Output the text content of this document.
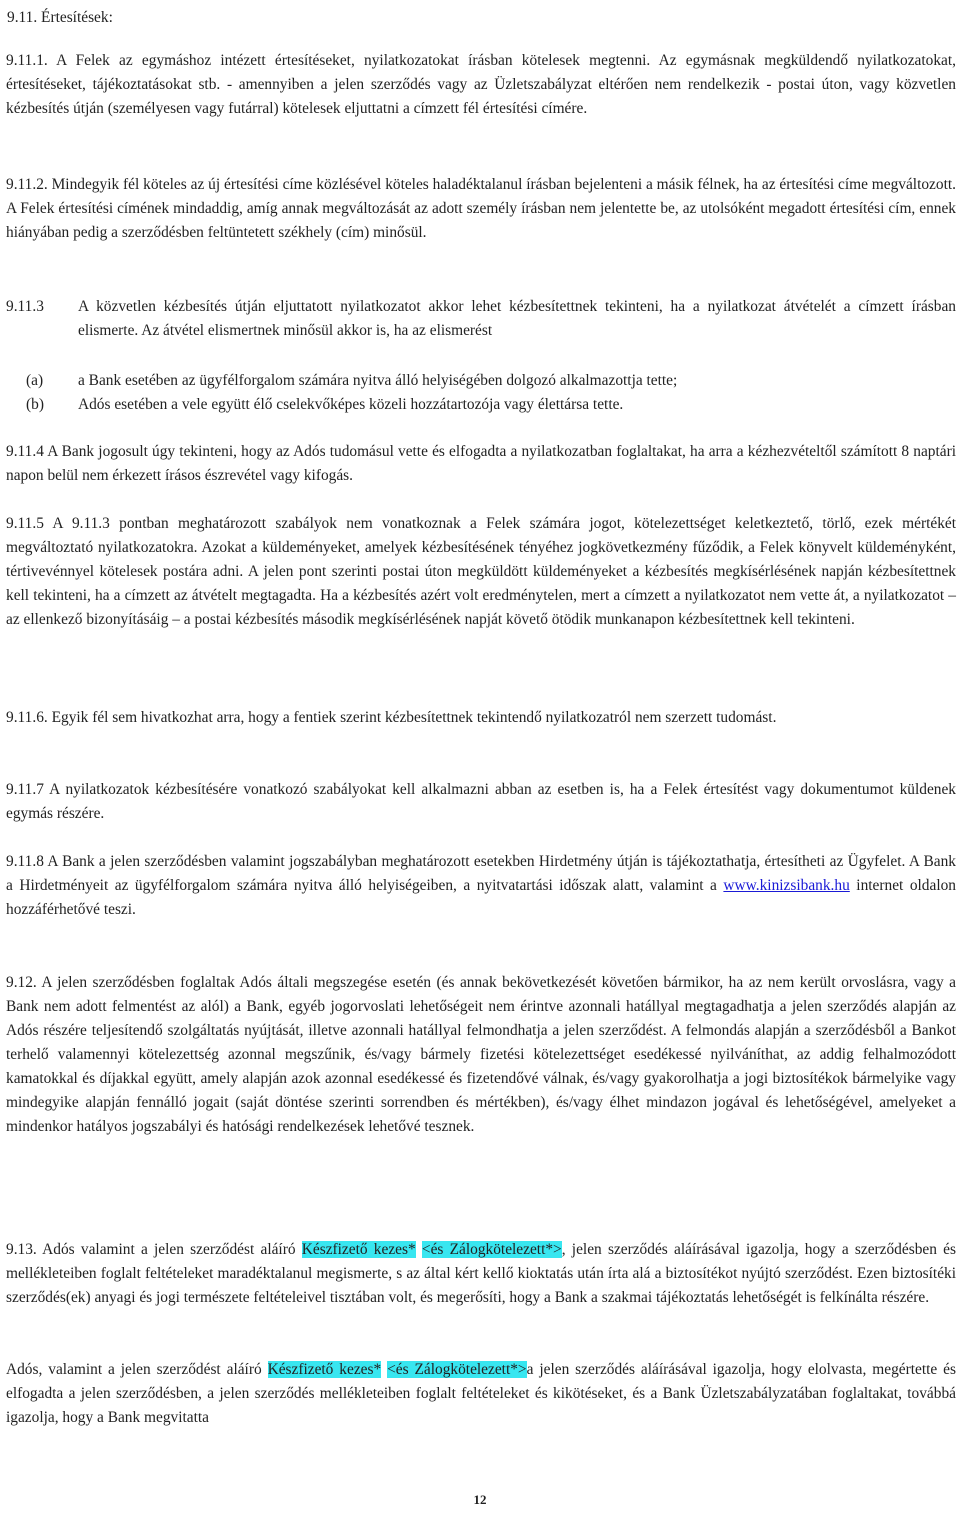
9.11. Értesítések:

9.11.1. A Felek az egymáshoz intézett értesítéseket, nyilatkozatokat írásban kötelesek megtenni. Az egymásnak megküldendő nyilatkozatokat, értesítéseket, tájékoztatásokat stb. - amennyiben a jelen szerződés vagy az Üzletszabályzat eltérően nem rendelkezik - postai úton, vagy közvetlen kézbesítés útján (személyesen vagy futárral) kötelesek eljuttatni a címzett fél értesítési címére.

9.11.2. Mindegyik fél köteles az új értesítési címe közlésével köteles haladéktalanul írásban bejelenteni a másik félnek, ha az értesítési címe megváltozott. A Felek értesítési címének mindaddig, amíg annak megváltozását az adott személy írásban nem jelentette be, az utolsóként megadott értesítési cím, ennek hiányában pedig a szerződésben feltüntetett székhely (cím) minősül.

9.11.3	A közvetlen kézbesítés útján eljuttatott nyilatkozatot akkor lehet kézbesítettnek tekinteni, ha a nyilatkozat átvételét a címzett írásban elismerte. Az átvétel elismertnek minősül akkor is, ha az elismerést
(a)	a Bank esetében az ügyfélforgalom számára nyitva álló helyiségében dolgozó alkalmazottja tette;
(b)	Adós esetében a vele együtt élő cselekvőképes közeli hozzátartozója vagy élettársa tette.

9.11.4 A Bank jogosult úgy tekinteni, hogy az Adós tudomásul vette és elfogadta a nyilatkozatban foglaltakat, ha arra a kézhezvételtől számított 8 naptári napon belül nem érkezett írásos észrevétel vagy kifogás.

9.11.5 A 9.11.3 pontban meghatározott szabályok nem vonatkoznak a Felek számára jogot, kötelezettséget keletkeztető, törlő, ezek mértékét megváltoztató nyilatkozatokra. Azokat a küldeményeket, amelyek kézbesítésének tényéhez jogkövetkezmény fűződik, a Felek könyvelt küldeményként, tértivevénnyel kötelesek postára adni. A jelen pont szerinti postai úton megküldött küldeményeket a kézbesítés megkísérlésének napján kézbesítettnek kell tekinteni, ha a címzett az átvételt megtagadta. Ha a kézbesítés azért volt eredménytelen, mert a címzett a nyilatkozatot nem vette át, a nyilatkozatot – az ellenkező bizonyításáig – a postai kézbesítés második megkísérlésének napját követő ötödik munkanapon kézbesítettnek kell tekinteni.

9.11.6. Egyik fél sem hivatkozhat arra, hogy a fentiek szerint kézbesítettnek tekintendő nyilatkozatról nem szerzett tudomást.

9.11.7 A nyilatkozatok kézbesítésére vonatkozó szabályokat kell alkalmazni abban az esetben is, ha a Felek értesítést vagy dokumentumot küldenek egymás részére.

9.11.8 A Bank a jelen szerződésben valamint jogszabályban meghatározott esetekben Hirdetmény útján is tájékoztathatja, értesítheti az Ügyfelet. A Bank a Hirdetményeit az ügyfélforgalom számára nyitva álló helyiségeiben, a nyitvatartási időszak alatt, valamint a www.kinizsibank.hu internet oldalon hozzáférhetővé teszi.

9.12. A jelen szerződésben foglaltak Adós általi megszegése esetén (és annak bekövetkezését követően bármikor, ha az nem került orvoslásra, vagy a Bank nem adott felmentést az alól) a Bank, egyéb jogorvoslati lehetőségeit nem érintve azonnali hatállyal megtagadhatja a jelen szerződés alapján az Adós részére teljesítendő szolgáltatás nyújtását, illetve azonnali hatállyal felmondhatja a jelen szerződést. A felmondás alapján a szerződésből a Bankot terhelő valamennyi kötelezettség azonnal megszűnik, és/vagy bármely fizetési kötelezettséget esedékessé nyilváníthat, az addig felhalmozódott kamatokkal és díjakkal együtt, amely alapján azok azonnal esedékessé és fizetendővé válnak, és/vagy gyakorolhatja a jogi biztosítékok bármelyike vagy mindegyike alapján fennálló jogait (saját döntése szerinti sorrendben és mértékben), és/vagy élhet mindazon jogával és lehetőségével, amelyeket a mindenkor hatályos jogszabályi és hatósági rendelkezések lehetővé tesznek.

9.13. Adós valamint a jelen szerződést aláíró Készfizető kezes* <és Zálogkötelezett*>, jelen szerződés aláírásával igazolja, hogy a szerződésben és mellékleteiben foglalt feltételeket maradéktalanul megismerte, s az által kért kellő kioktatás után írta alá a biztosítékot nyújtó szerződést. Ezen biztosítéki szerződés(ek) anyagi és jogi természete feltételeivel tisztában volt, és megerősíti, hogy a Bank a szakmai tájékoztatás lehetőségét is felkínálta részére.

Adós, valamint a jelen szerződést aláíró Készfizető kezes* <és Zálogkötelezett*>a jelen szerződés aláírásával igazolja, hogy elolvasta, megértette és elfogadta a jelen szerződésben, a jelen szerződés mellékleteiben foglalt feltételeket és kikötéseket, és a Bank Üzletszabályzatában foglaltakat, továbbá igazolja, hogy a Bank megvitatta

12
